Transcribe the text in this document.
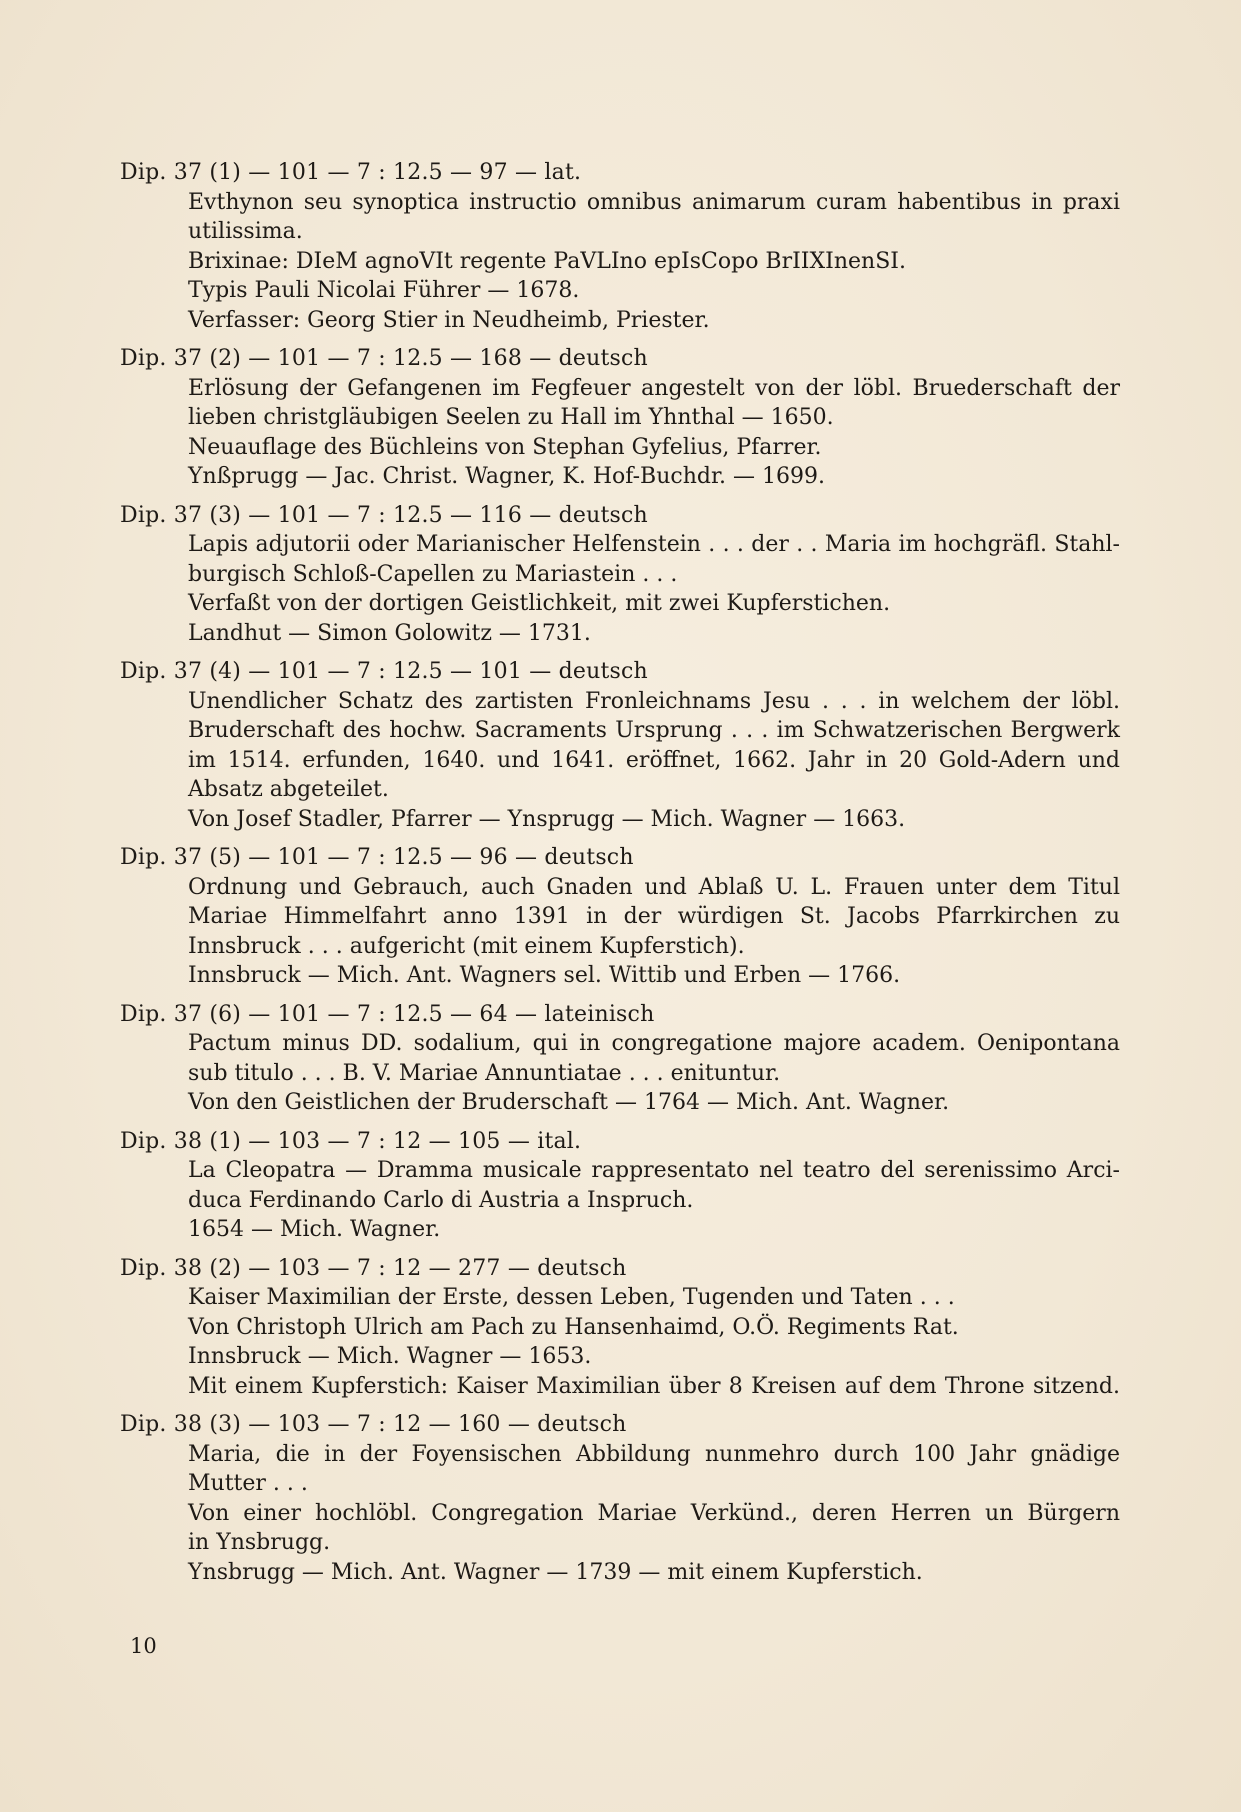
Dip. 37 (1) — 101 — 7 : 12.5 — 97 — lat.
Evthynon seu synoptica instructio omnibus animarum curam habentibus in praxi
utilissima.
Brixinae: DIeM agnoVIt regente PaVLIno epIsCopo BrIIXInenSI.
Typis Pauli Nicolai Führer — 1678.
Verfasser: Georg Stier in Neudheimb, Priester.
Dip. 37 (2) — 101 — 7 : 12.5 — 168 — deutsch
Erlösung der Gefangenen im Fegfeuer angestelt von der löbl. Bruederschaft der
lieben christgläubigen Seelen zu Hall im Yhnthal — 1650.
Neuauflage des Büchleins von Stephan Gyfelius, Pfarrer.
Ynßprugg — Jac. Christ. Wagner, K. Hof-Buchdr. — 1699.
Dip. 37 (3) — 101 — 7 : 12.5 — 116 — deutsch
Lapis adjutorii oder Marianischer Helfenstein . . . der . . Maria im hochgräfl. Stahl-
burgisch Schloß-Capellen zu Mariastein . . .
Verfaßt von der dortigen Geistlichkeit, mit zwei Kupferstichen.
Landhut — Simon Golowitz — 1731.
Dip. 37 (4) — 101 — 7 : 12.5 — 101 — deutsch
Unendlicher Schatz des zartisten Fronleichnams Jesu . . . in welchem der löbl.
Bruderschaft des hochw. Sacraments Ursprung . . . im Schwatzerischen Bergwerk
im 1514. erfunden, 1640. und 1641. eröffnet, 1662. Jahr in 20 Gold-Adern und
Absatz abgeteilet.
Von Josef Stadler, Pfarrer — Ynsprugg — Mich. Wagner — 1663.
Dip. 37 (5) — 101 — 7 : 12.5 — 96 — deutsch
Ordnung und Gebrauch, auch Gnaden und Ablaß U. L. Frauen unter dem Titul
Mariae Himmelfahrt anno 1391 in der würdigen St. Jacobs Pfarrkirchen zu
Innsbruck . . . aufgericht (mit einem Kupferstich).
Innsbruck — Mich. Ant. Wagners sel. Wittib und Erben — 1766.
Dip. 37 (6) — 101 — 7 : 12.5 — 64 — lateinisch
Pactum minus DD. sodalium, qui in congregatione majore academ. Oenipontana
sub titulo . . . B. V. Mariae Annuntiatae . . . enituntur.
Von den Geistlichen der Bruderschaft — 1764 — Mich. Ant. Wagner.
Dip. 38 (1) — 103 — 7 : 12 — 105 — ital.
La Cleopatra — Dramma musicale rappresentato nel teatro del serenissimo Arci-
duca Ferdinando Carlo di Austria a Inspruch.
1654 — Mich. Wagner.
Dip. 38 (2) — 103 — 7 : 12 — 277 — deutsch
Kaiser Maximilian der Erste, dessen Leben, Tugenden und Taten . . .
Von Christoph Ulrich am Pach zu Hansenhaimd, O.Ö. Regiments Rat.
Innsbruck — Mich. Wagner — 1653.
Mit einem Kupferstich: Kaiser Maximilian über 8 Kreisen auf dem Throne sitzend.
Dip. 38 (3) — 103 — 7 : 12 — 160 — deutsch
Maria, die in der Foyensischen Abbildung nunmehro durch 100 Jahr gnädige
Mutter . . .
Von einer hochlöbl. Congregation Mariae Verkünd., deren Herren un Bürgern
in Ynsbrugg.
Ynsbrugg — Mich. Ant. Wagner — 1739 — mit einem Kupferstich.
10
